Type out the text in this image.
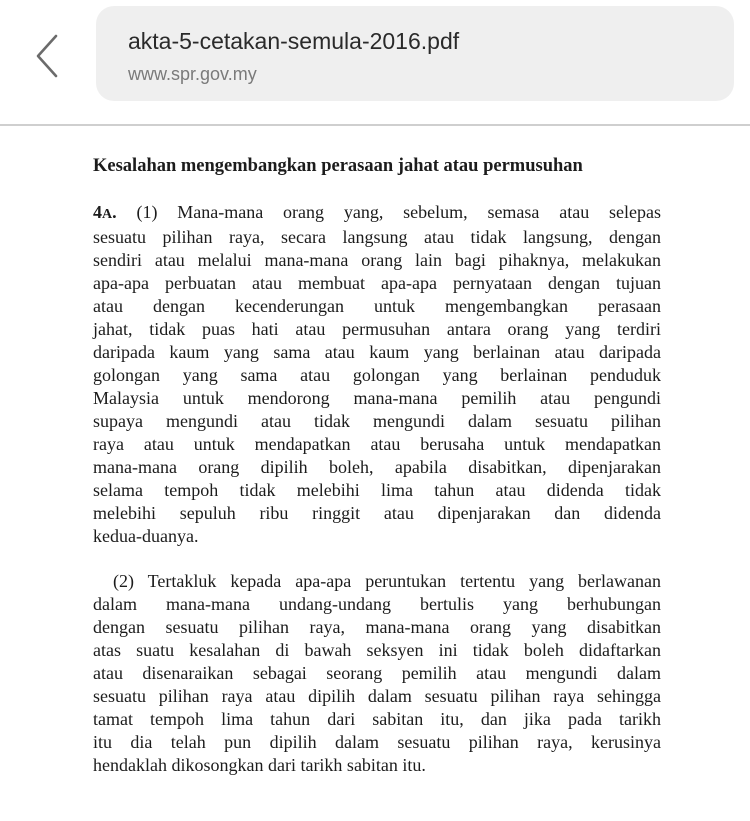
akta-5-cetakan-semula-2016.pdf
www.spr.gov.my
Kesalahan mengembangkan perasaan jahat atau permusuhan
4A. (1) Mana-mana orang yang, sebelum, semasa atau selepas
sesuatu pilihan raya, secara langsung atau tidak langsung, dengan
sendiri atau melalui mana-mana orang lain bagi pihaknya, melakukan
apa-apa perbuatan atau membuat apa-apa pernyataan dengan tujuan
atau dengan kecenderungan untuk mengembangkan perasaan
jahat, tidak puas hati atau permusuhan antara orang yang terdiri
daripada kaum yang sama atau kaum yang berlainan atau daripada
golongan yang sama atau golongan yang berlainan penduduk
Malaysia untuk mendorong mana-mana pemilih atau pengundi
supaya mengundi atau tidak mengundi dalam sesuatu pilihan
raya atau untuk mendapatkan atau berusaha untuk mendapatkan
mana-mana orang dipilih boleh, apabila disabitkan, dipenjarakan
selama tempoh tidak melebihi lima tahun atau didenda tidak
melebihi sepuluh ribu ringgit atau dipenjarakan dan didenda
kedua-duanya.
(2) Tertakluk kepada apa-apa peruntukan tertentu yang berlawanan
dalam mana-mana undang-undang bertulis yang berhubungan
dengan sesuatu pilihan raya, mana-mana orang yang disabitkan
atas suatu kesalahan di bawah seksyen ini tidak boleh didaftarkan
atau disenaraikan sebagai seorang pemilih atau mengundi dalam
sesuatu pilihan raya atau dipilih dalam sesuatu pilihan raya sehingga
tamat tempoh lima tahun dari sabitan itu, dan jika pada tarikh
itu dia telah pun dipilih dalam sesuatu pilihan raya, kerusinya
hendaklah dikosongkan dari tarikh sabitan itu.
